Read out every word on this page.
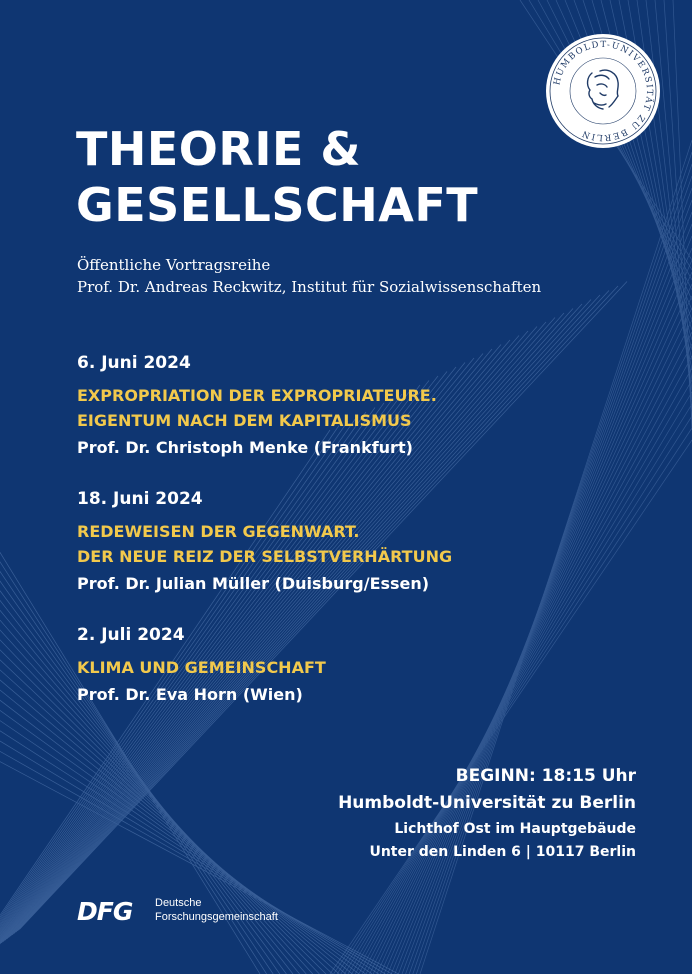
HUMBOLDT-UNIVERSITÄT ZU BERLIN
THEORIE &
GESELLSCHAFT
Öffentliche Vortragsreihe
Prof. Dr. Andreas Reckwitz, Institut für Sozialwissenschaften
6. Juni 2024
EXPROPRIATION DER EXPROPRIATEURE.
EIGENTUM NACH DEM KAPITALISMUS
Prof. Dr. Christoph Menke (Frankfurt)
18. Juni 2024
REDEWEISEN DER GEGENWART.
DER NEUE REIZ DER SELBSTVERHÄRTUNG
Prof. Dr. Julian Müller (Duisburg/Essen)
2. Juli 2024
KLIMA UND GEMEINSCHAFT
Prof. Dr. Eva Horn (Wien)
BEGINN: 18:15 Uhr
Humboldt-Universität zu Berlin
Lichthof Ost im Hauptgebäude
Unter den Linden 6 | 10117 Berlin
DFG Deutsche
Forschungsgemeinschaft
